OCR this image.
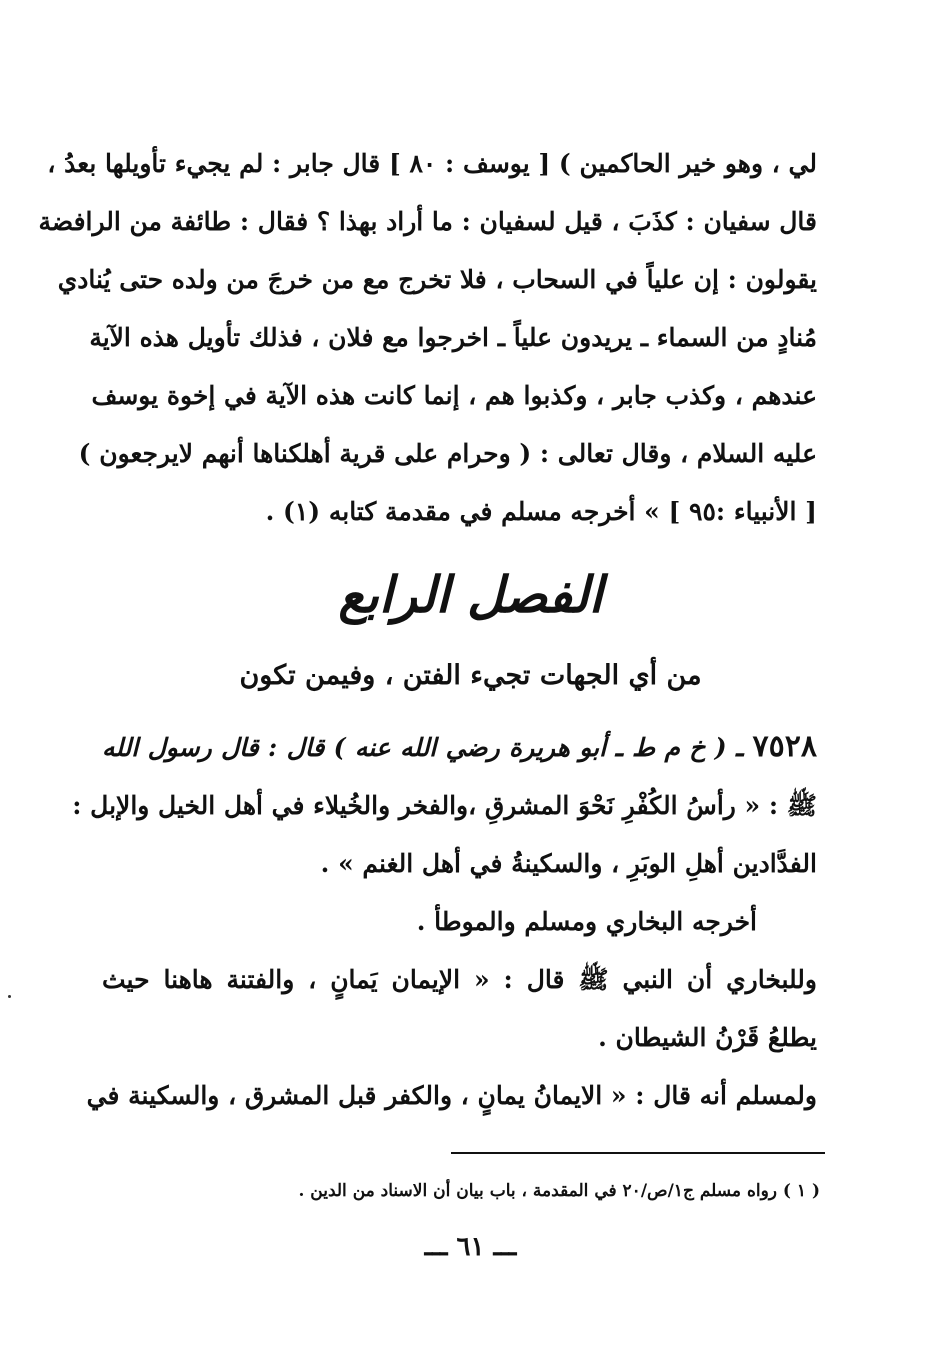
لي ، وهو خير الحاكمين ) [ يوسف : ٨٠ ] قال جابر : لم يجيء تأويلها بعدُ ،
قال سفيان : كذَبَ ، قيل لسفيان : ما أراد بهذا ؟ فقال : طائفة من الرافضة
يقولون : إن علياً في السحاب ، فلا تخرج مع من خرجَ من ولده حتى يُنادي
مُنادٍ من السماء ـ يريدون علياً ـ اخرجوا مع فلان ، فذلك تأويل هذه الآية
عندهم ، وكذب جابر ، وكذبوا هم ، إنما كانت هذه الآية في إخوة يوسف
عليه السلام ، وقال تعالى : ( وحرام على قرية أهلكناها أنهم لايرجعون )
[ الأنبياء :٩٥ ] » أخرجه مسلم في مقدمة كتابه (١) .
الفصل الرابع
من أي الجهات تجيء الفتن ، وفيمن تكون
٧٥٢٨ ـ ( خ م ط ـ أبو هريرة رضي الله عنه ) قال : قال رسول الله
ﷺ : « رأسُ الكُفْرِ نَحْوَ المشرقِ ،والفخر والخُيلاء في أهل الخيل والإبل :
الفدَّادين أهلِ الوبَرِ ، والسكينةُ في أهل الغنم » .
أخرجه البخاري ومسلم والموطأ .
وللبخاري أن النبي ﷺ قال : « الإيمان يَمانٍ ، والفتنة هاهنا حيث
يطلعُ قَرْنُ الشيطان .
ولمسلم أنه قال : « الايمانُ يمانٍ ، والكفر قبل المشرق ، والسكينة في
( ١ ) رواه مسلم ج١/ص/٢٠ في المقدمة ، باب بيان أن الاسناد من الدين .
ـــ ٦١ ـــ
